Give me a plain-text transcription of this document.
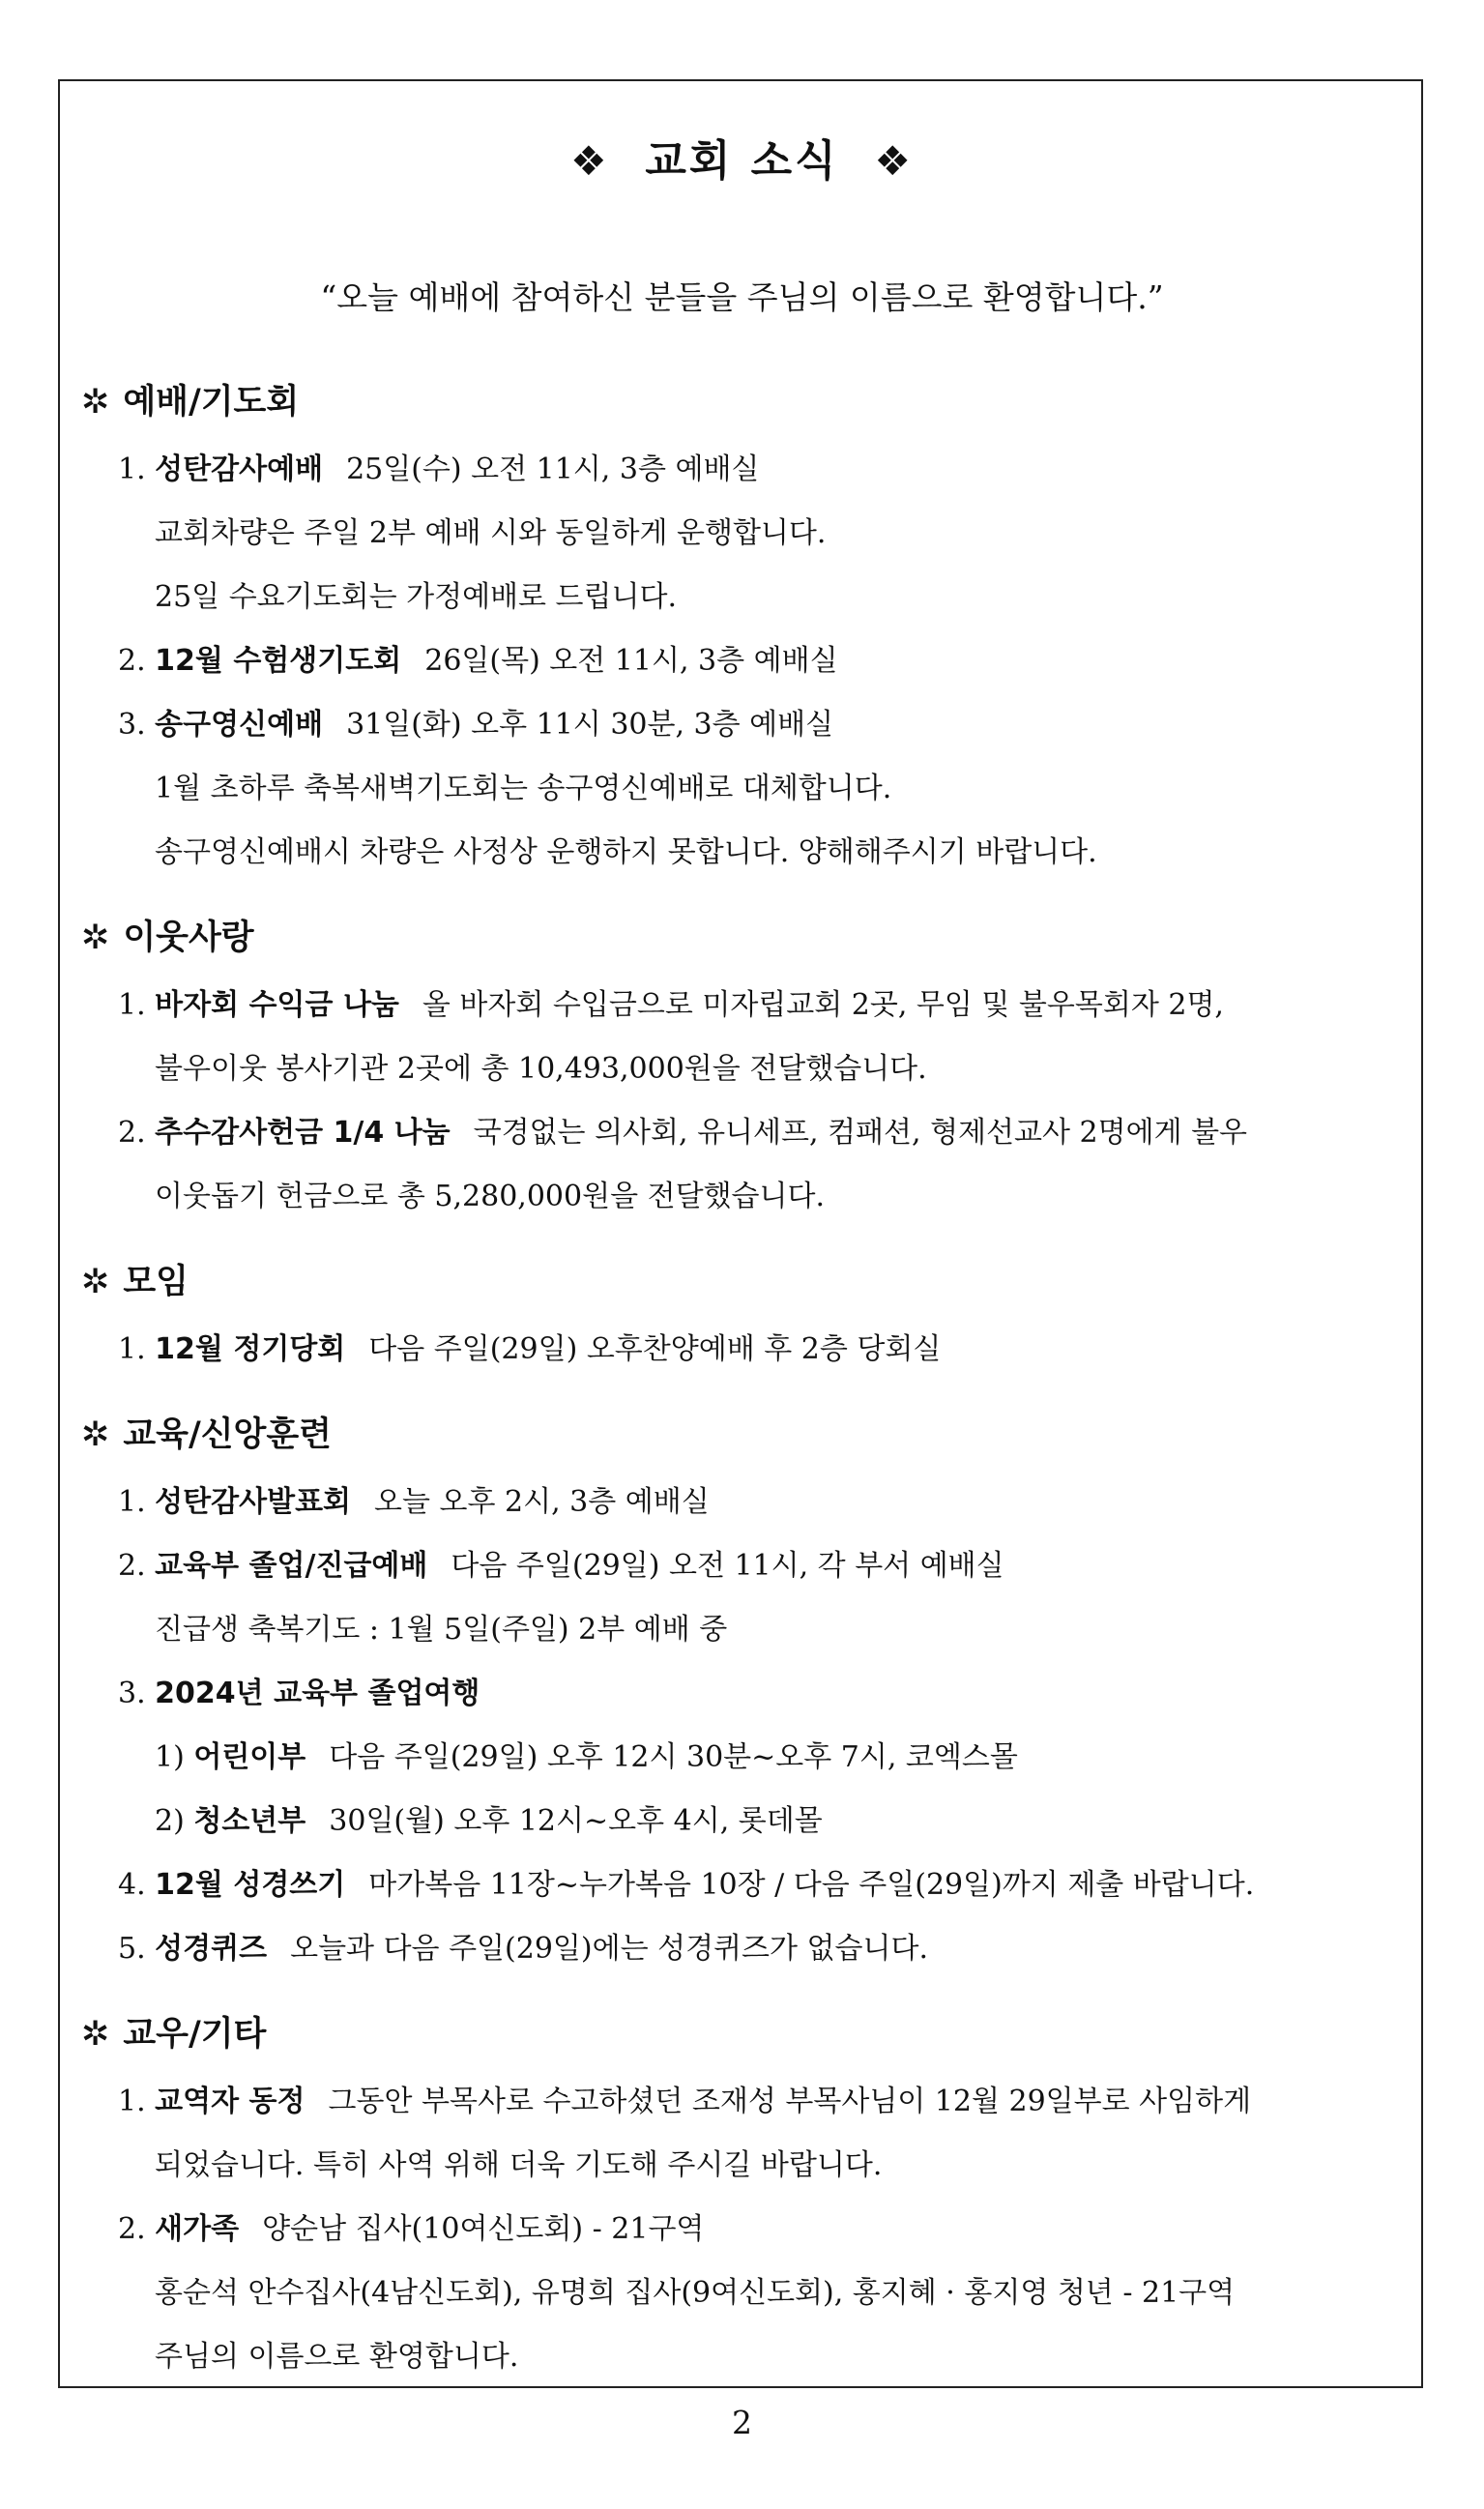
❖ 교회 소식 ❖
“오늘 예배에 참여하신 분들을 주님의 이름으로 환영합니다.”
✲ 예배/기도회
1. 성탄감사예배 25일(수) 오전 11시, 3층 예배실
교회차량은 주일 2부 예배 시와 동일하게 운행합니다.
25일 수요기도회는 가정예배로 드립니다.
2. 12월 수험생기도회 26일(목) 오전 11시, 3층 예배실
3. 송구영신예배 31일(화) 오후 11시 30분, 3층 예배실
1월 초하루 축복새벽기도회는 송구영신예배로 대체합니다.
송구영신예배시 차량은 사정상 운행하지 못합니다. 양해해주시기 바랍니다.
✲ 이웃사랑
1. 바자회 수익금 나눔 올 바자회 수입금으로 미자립교회 2곳, 무임 및 불우목회자 2명,
불우이웃 봉사기관 2곳에 총 10,493,000원을 전달했습니다.
2. 추수감사헌금 1/4 나눔 국경없는 의사회, 유니세프, 컴패션, 형제선교사 2명에게 불우
이웃돕기 헌금으로 총 5,280,000원을 전달했습니다.
✲ 모임
1. 12월 정기당회 다음 주일(29일) 오후찬양예배 후 2층 당회실
✲ 교육/신앙훈련
1. 성탄감사발표회 오늘 오후 2시, 3층 예배실
2. 교육부 졸업/진급예배 다음 주일(29일) 오전 11시, 각 부서 예배실
진급생 축복기도 : 1월 5일(주일) 2부 예배 중
3. 2024년 교육부 졸업여행
1) 어린이부 다음 주일(29일) 오후 12시 30분~오후 7시, 코엑스몰
2) 청소년부 30일(월) 오후 12시~오후 4시, 롯데몰
4. 12월 성경쓰기 마가복음 11장~누가복음 10장 / 다음 주일(29일)까지 제출 바랍니다.
5. 성경퀴즈 오늘과 다음 주일(29일)에는 성경퀴즈가 없습니다.
✲ 교우/기타
1. 교역자 동정 그동안 부목사로 수고하셨던 조재성 부목사님이 12월 29일부로 사임하게
되었습니다. 특히 사역 위해 더욱 기도해 주시길 바랍니다.
2. 새가족 양순남 집사(10여신도회) - 21구역
홍순석 안수집사(4남신도회), 유명희 집사(9여신도회), 홍지혜 · 홍지영 청년 - 21구역
주님의 이름으로 환영합니다.
2
